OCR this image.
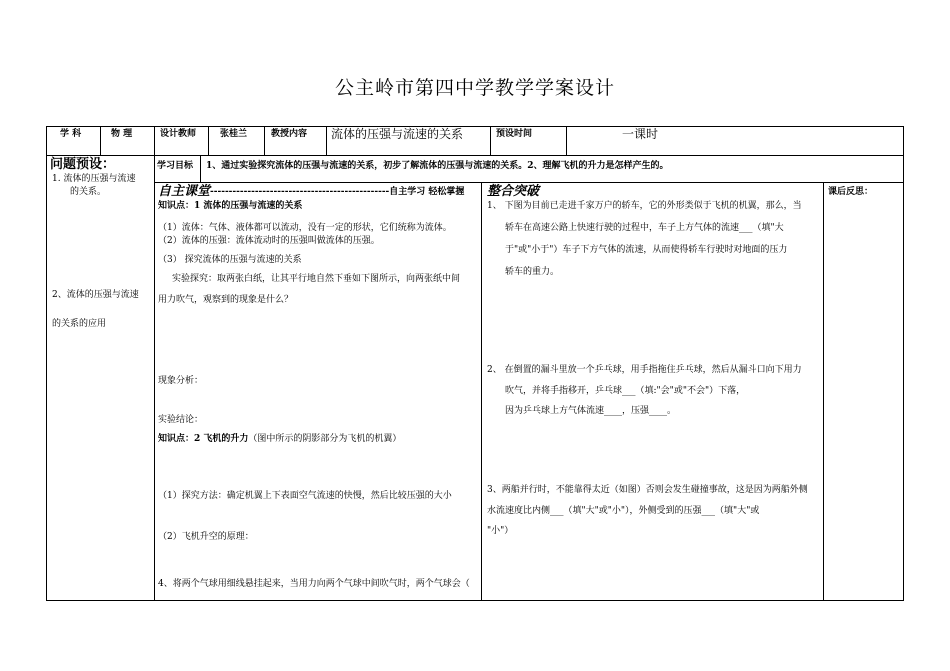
公主岭市第四中学教学学案设计
学 科	物 理	设计教师	张桂兰	教授内容 流体的压强与流速的关系	预设时间	一课时
问题预设：
1. 流体的压强与流速
的关系。
2、流体的压强与流速
的关系的应用
学习目标 1、通过实验探究流体的压强与流速的关系，初步了解流体的压强与流速的关系。2、理解飞机的升力是怎样产生的。
自主课堂 ------------------------------------------------自主学习 轻松掌握
知识点：1 流体的压强与流速的关系
（1）流体：气体、液体都可以流动，没有一定的形状，它们统称为流体。
（2）流体的压强：流体流动时的压强叫做流体的压强。
（3） 探究流体的压强与流速的关系
实验探究：取两张白纸，让其平行地自然下垂如下图所示，向两张纸中间
用力吹气，观察到的现象是什么？
现象分析：
实验结论：
知识点：2 飞机的升力（图中所示的阴影部分为飞机的机翼）
（1）探究方法：确定机翼上下表面空气流速的快慢，然后比较压强的大小
（2）飞机升空的原理：
4、将两个气球用细线悬挂起来，当用力向两个气球中间吹气时，两个气球会（
整合突破
1、 下图为目前已走进千家万户的轿车，它的外形类似于飞机的机翼，那么，当
轿车在高速公路上快速行驶的过程中，车子上方气体的流速___（填"大
于"或"小于"）车子下方气体的流速，从而使得轿车行驶时对地面的压力
轿车的重力。
2、 在倒置的漏斗里放一个乒乓球，用手指拖住乒乓球，然后从漏斗口向下用力
吹气，并将手指移开，乒乓球___（填:"会"或"不会"）下落，
因为乒乓球上方气体流速____，压强____。
3、两船并行时，不能靠得太近（如图）否则会发生碰撞事故，这是因为两船外侧
水流速度比内侧___（填"大"或"小"），外侧受到的压强___（填"大"或
"小"）
课后反思：
